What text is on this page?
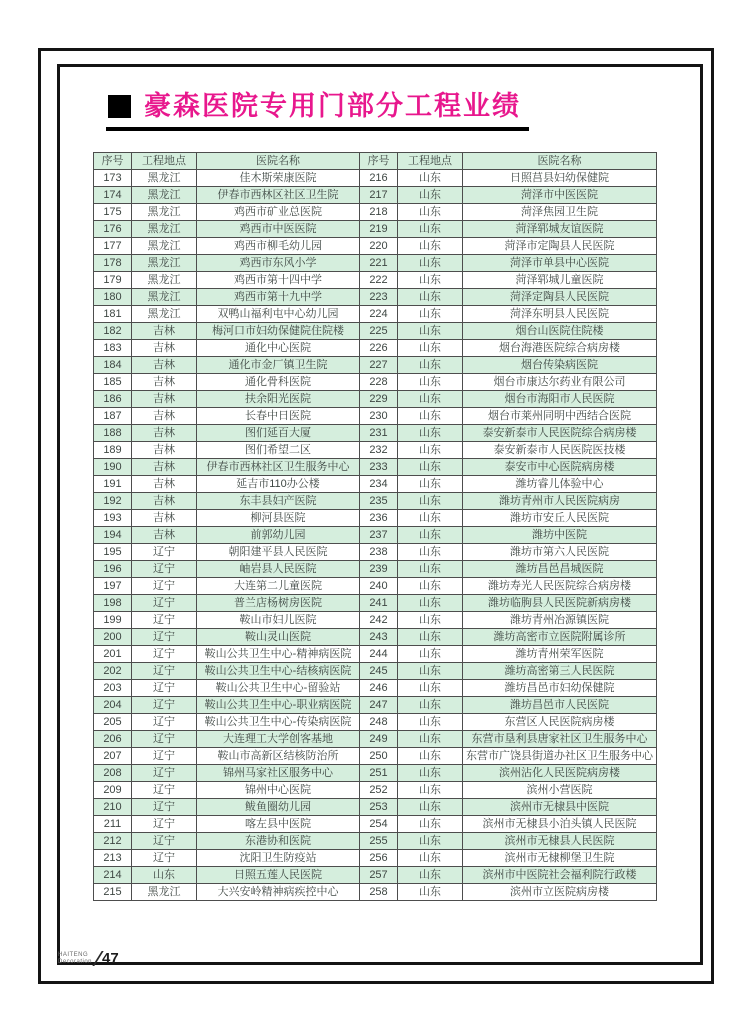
豪森医院专用门部分工程业绩
序号	工程地点	医院名称
173	黑龙江	佳木斯荣康医院
174	黑龙江	伊春市西林区社区卫生院
175	黑龙江	鸡西市矿业总医院
176	黑龙江	鸡西市中医医院
177	黑龙江	鸡西市柳毛幼儿园
178	黑龙江	鸡西市东风小学
179	黑龙江	鸡西市第十四中学
180	黑龙江	鸡西市第十九中学
181	黑龙江	双鸭山福利屯中心幼儿园
182	吉林	梅河口市妇幼保健院住院楼
183	吉林	通化中心医院
184	吉林	通化市金厂镇卫生院
185	吉林	通化骨科医院
186	吉林	扶余阳光医院
187	吉林	长春中日医院
188	吉林	图们延百大厦
189	吉林	图们希望二区
190	吉林	伊春市西林社区卫生服务中心
191	吉林	延吉市110办公楼
192	吉林	东丰县妇产医院
193	吉林	柳河县医院
194	吉林	前郭幼儿园
195	辽宁	朝阳建平县人民医院
196	辽宁	岫岩县人民医院
197	辽宁	大连第二儿童医院
198	辽宁	普兰店杨树房医院
199	辽宁	鞍山市妇儿医院
200	辽宁	鞍山灵山医院
201	辽宁	鞍山公共卫生中心-精神病医院
202	辽宁	鞍山公共卫生中心-结核病医院
203	辽宁	鞍山公共卫生中心-留验站
204	辽宁	鞍山公共卫生中心-职业病医院
205	辽宁	鞍山公共卫生中心-传染病医院
206	辽宁	大连理工大学创客基地
207	辽宁	鞍山市高新区结核防治所
208	辽宁	锦州马家社区服务中心
209	辽宁	锦州中心医院
210	辽宁	鲅鱼圈幼儿园
211	辽宁	喀左县中医院
212	辽宁	东港协和医院
213	辽宁	沈阳卫生防疫站
214	山东	日照五莲人民医院
215	黑龙江	大兴安岭精神病疾控中心
序号	工程地点	医院名称
216	山东	日照莒县妇幼保健院
217	山东	菏泽市中医医院
218	山东	菏泽焦园卫生院
219	山东	菏泽郓城友谊医院
220	山东	菏泽市定陶县人民医院
221	山东	菏泽市单县中心医院
222	山东	菏泽郓城儿童医院
223	山东	菏泽定陶县人民医院
224	山东	菏泽东明县人民医院
225	山东	烟台山医院住院楼
226	山东	烟台海港医院综合病房楼
227	山东	烟台传染病医院
228	山东	烟台市康达尔药业有限公司
229	山东	烟台市海阳市人民医院
230	山东	烟台市莱州同明中西结合医院
231	山东	泰安新泰市人民医院综合病房楼
232	山东	泰安新泰市人民医院医技楼
233	山东	泰安市中心医院病房楼
234	山东	潍坊睿儿体验中心
235	山东	潍坊青州市人民医院病房
236	山东	潍坊市安丘人民医院
237	山东	潍坊中医院
238	山东	潍坊市第六人民医院
239	山东	潍坊昌邑昌城医院
240	山东	潍坊寿光人民医院综合病房楼
241	山东	潍坊临朐县人民医院新病房楼
242	山东	潍坊青州冶源镇医院
243	山东	潍坊高密市立医院附属诊所
244	山东	潍坊青州荣军医院
245	山东	潍坊高密第三人民医院
246	山东	潍坊昌邑市妇幼保健院
247	山东	潍坊昌邑市人民医院
248	山东	东营区人民医院病房楼
249	山东	东营市垦利县唐家社区卫生服务中心
250	山东	东营市广饶县街道办社区卫生服务中心
251	山东	滨州沾化人民医院病房楼
252	山东	滨州小营医院
253	山东	滨州市无棣县中医院
254	山东	滨州市无棣县小泊头镇人民医院
255	山东	滨州市无棣县人民医院
256	山东	滨州市无棣柳堡卫生院
257	山东	滨州市中医院社会福利院行政楼
258	山东	滨州市立医院病房楼
HAITENG
Decoration 47
